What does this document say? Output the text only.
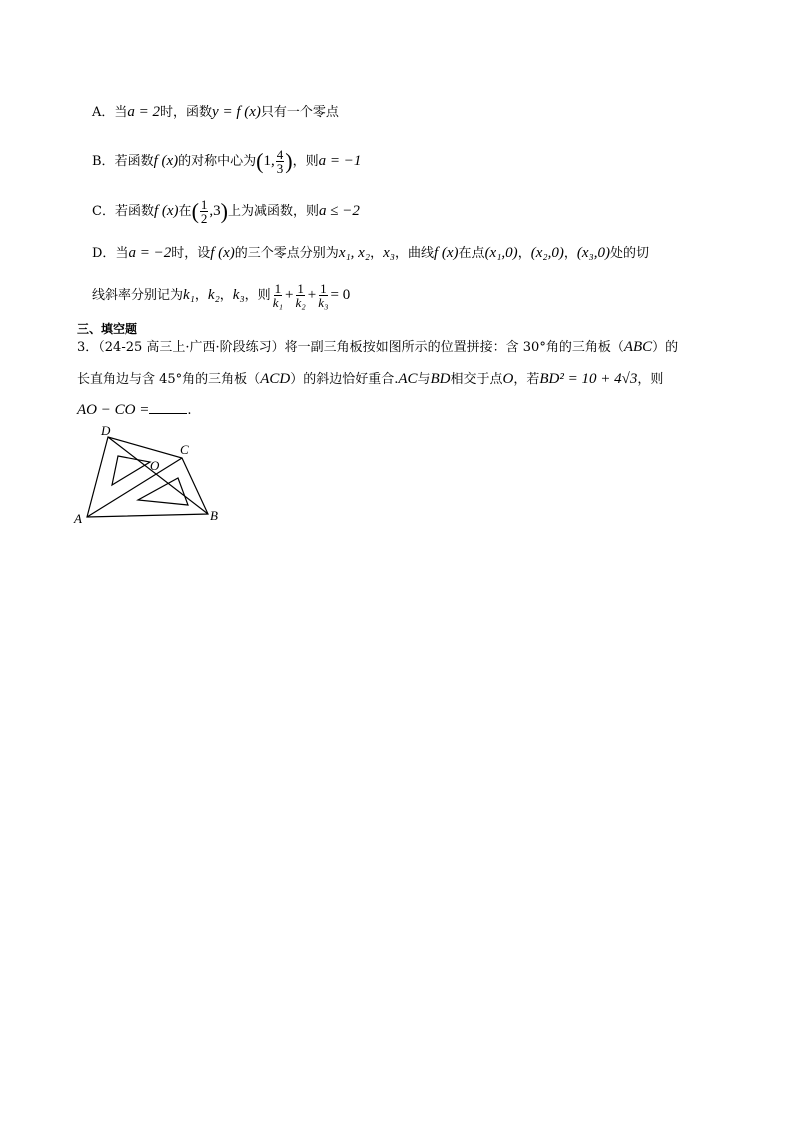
A．当a = 2时，函数y = f (x)只有一个零点
B．若函数f (x)的对称中心为(1, $\frac{4}{3}$ )，则a = −1
C．若函数f (x)在( $\frac{1}{2} ,3$)上为减函数，则a ≤ −2
D．当a = −2时，设f (x)的三个零点分别为x₁, x₂，x₃，曲线f (x)在点(x₁,0)，(x₂,0)，(x₃,0)处的切
线斜率分别记为k₁，k₂，k₃，则 $\frac{1}{\text{k₁}} + \frac{1}{\text{k₂}} + \frac{1}{\text{k₃}} = 0$
三、填空题
3．（24-25 高三上·广西·阶段练习）将一副三角板按如图所示的位置拼接：含 30°角的三角板（ABC）的
长直角边与含 45°角的三角板（ACD）的斜边恰好重合.AC与BD相交于点O，若BD² = 10 + 4√3，则
AO − CO =	.
D
C
O
A	B
